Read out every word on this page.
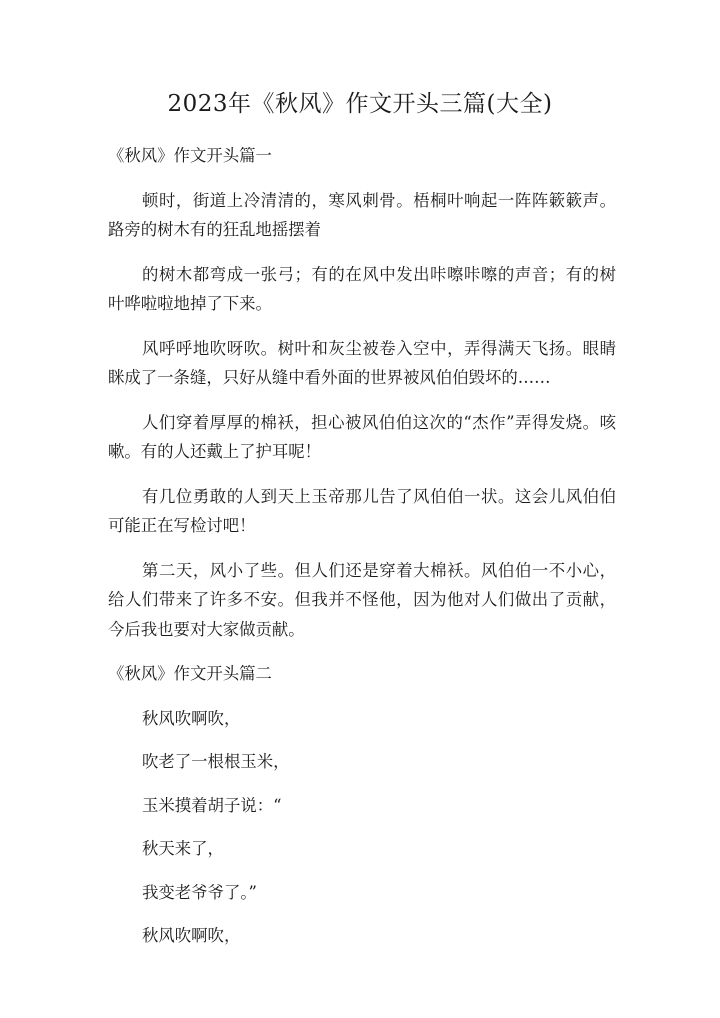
2023年《秋风》作文开头三篇(大全)

《秋风》作文开头篇一

顿时，街道上冷清清的，寒风刺骨。梧桐叶响起一阵阵簌簌声。路旁的树木有的狂乱地摇摆着

的树木都弯成一张弓；有的在风中发出咔嚓咔嚓的声音；有的树叶哗啦啦地掉了下来。

风呼呼地吹呀吹。树叶和灰尘被卷入空中，弄得满天飞扬。眼睛眯成了一条缝，只好从缝中看外面的世界被风伯伯毁坏的……

人们穿着厚厚的棉袄，担心被风伯伯这次的“杰作”弄得发烧。咳嗽。有的人还戴上了护耳呢！

有几位勇敢的人到天上玉帝那儿告了风伯伯一状。这会儿风伯伯可能正在写检讨吧！

第二天，风小了些。但人们还是穿着大棉袄。风伯伯一不小心，给人们带来了许多不安。但我并不怪他，因为他对人们做出了贡献，今后我也要对大家做贡献。

《秋风》作文开头篇二

秋风吹啊吹，

吹老了一根根玉米，

玉米摸着胡子说：“

秋天来了，

我变老爷爷了。”

秋风吹啊吹，
